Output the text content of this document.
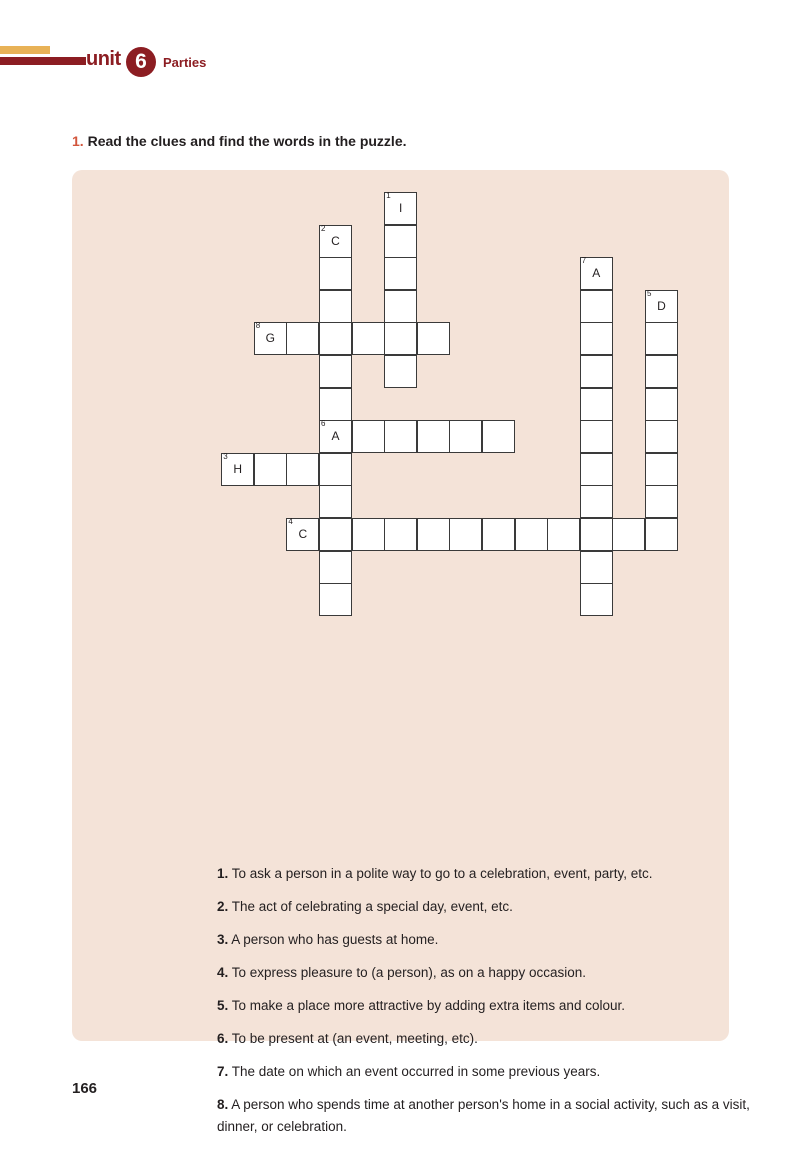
unit 6	Parties
1. Read the clues and find the words in the puzzle.
1
I
2
C
6
A
3
H
4
C
5
D
7
A
8
G
1. To ask a person in a polite way to go to a celebration, event, party, etc.
2. The act of celebrating a special day, event, etc.
3. A person who has guests at home.
4. To express pleasure to (a person), as on a happy occasion.
5. To make a place more attractive by adding extra items and colour.
6. To be present at (an event, meeting, etc).
7. The date on which an event occurred in some previous years.
8. A person who spends time at another person's home in a social activity, such as a visit, dinner, or celebration.
166
